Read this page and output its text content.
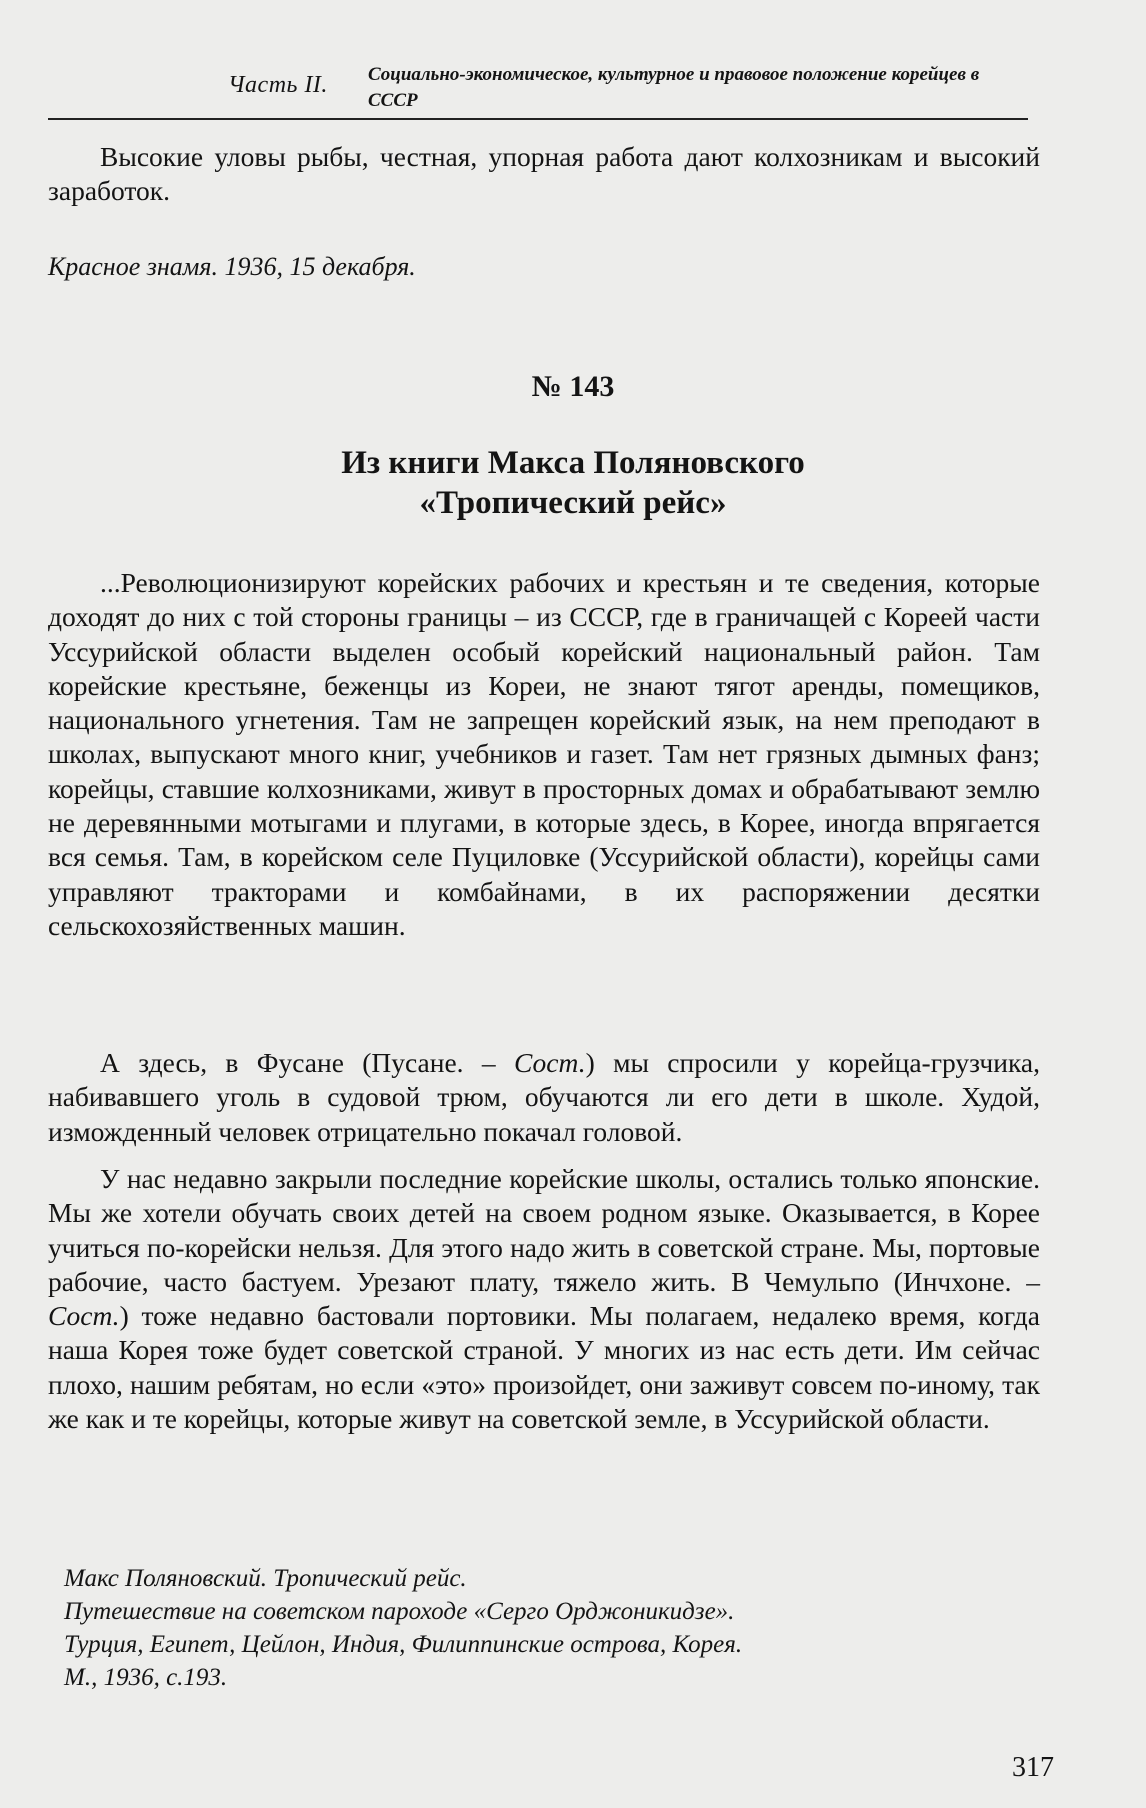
Часть II. Социально-экономическое, культурное и правовое положение корейцев в СССР

Высокие уловы рыбы, честная, упорная работа дают колхозникам и высокий заработок.

Красное знамя. 1936, 15 декабря.

№ 143
Из книги Макса Поляновского «Тропический рейс»

...Революционизируют корейских рабочих и крестьян и те сведения, которые доходят до них с той стороны границы – из СССР, где в граничащей с Кореей части Уссурийской области выделен особый корейский национальный район. Там корейские крестьяне, беженцы из Кореи, не знают тягот аренды, помещиков, национального угнетения. Там не запрещен корейский язык, на нем преподают в школах, выпускают много книг, учебников и газет. Там нет грязных дымных фанз; корейцы, ставшие колхозниками, живут в просторных домах и обрабатывают землю не деревянными мотыгами и плугами, в которые здесь, в Корее, иногда впрягается вся семья. Там, в корейском селе Пуциловке (Уссурийской области), корейцы сами управляют тракторами и комбайнами, в их распоряжении десятки сельскохозяйственных машин.

А здесь, в Фусане (Пусане. – Сост.) мы спросили у корейца-грузчика, набивавшего уголь в судовой трюм, обучаются ли его дети в школе. Худой, изможденный человек отрицательно покачал головой.

У нас недавно закрыли последние корейские школы, остались только японские. Мы же хотели обучать своих детей на своем родном языке. Оказывается, в Корее учиться по-корейски нельзя. Для этого надо жить в советской стране. Мы, портовые рабочие, часто бастуем. Урезают плату, тяжело жить. В Чемульпо (Инчхоне. – Сост.) тоже недавно бастовали портовики. Мы полагаем, недалеко время, когда наша Корея тоже будет советской страной. У многих из нас есть дети. Им сейчас плохо, нашим ребятам, но если «это» произойдет, они заживут совсем по-иному, так же как и те корейцы, которые живут на советской земле, в Уссурийской области.

Макс Поляновский. Тропический рейс.
Путешествие на советском пароходе «Серго Орджоникидзе».
Турция, Египет, Цейлон, Индия, Филиппинские острова, Корея.
М., 1936, с.193.
317
